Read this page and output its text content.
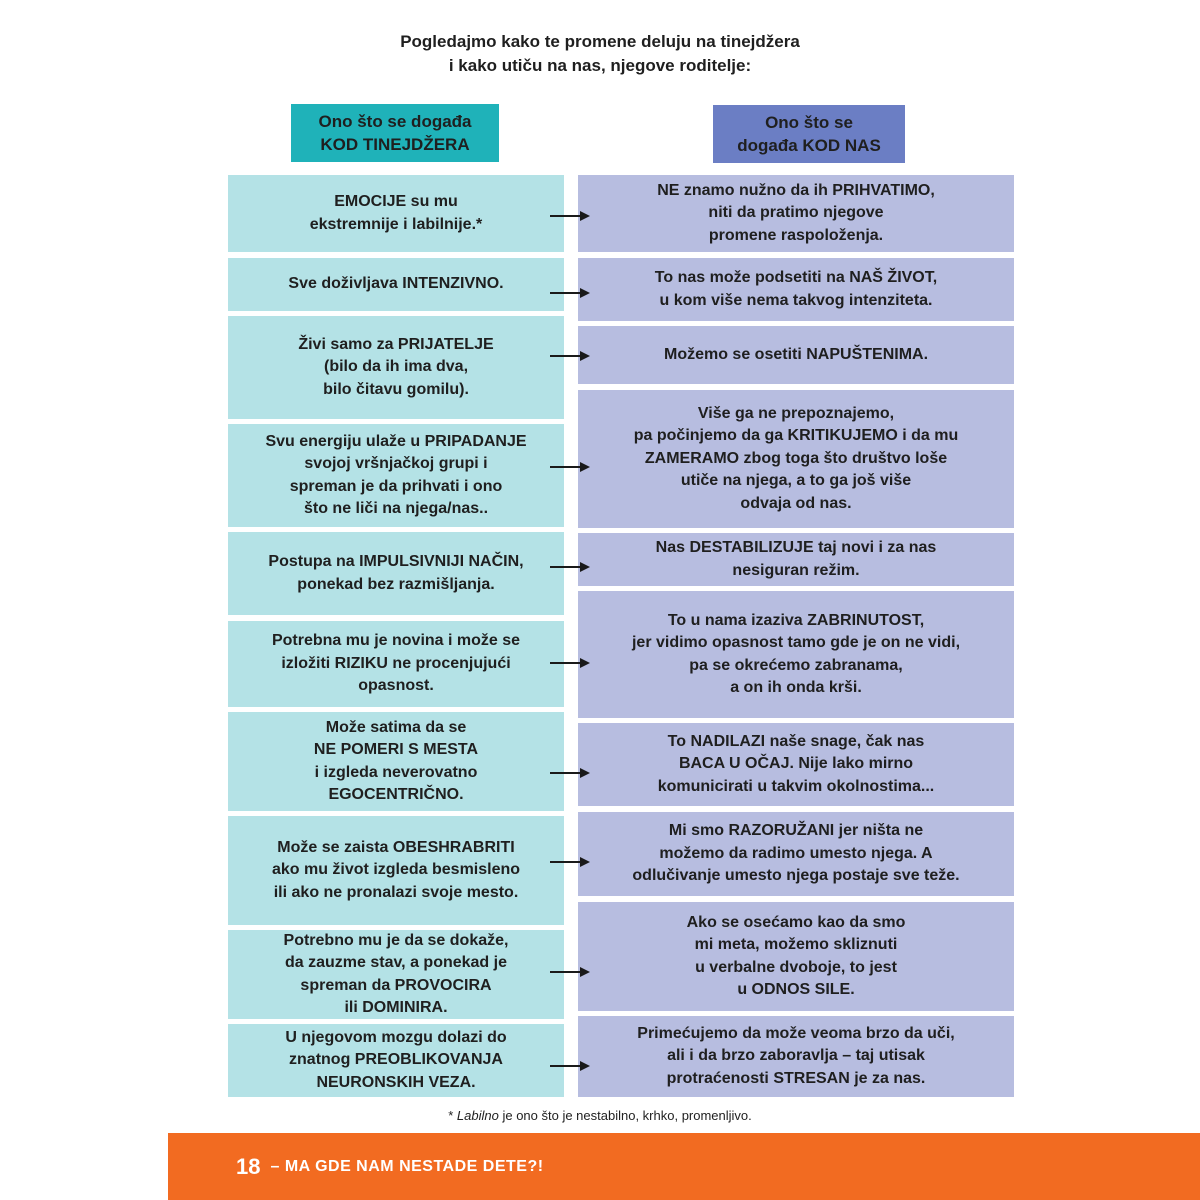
Pogledajmo kako te promene deluju na tinejdžera
i kako utiču na nas, njegove roditelje:
Ono što se događa
KOD TINEJDŽERA
Ono što se
događa KOD NAS
EMOCIJE su mu
ekstremnije i labilnije.*
Sve doživljava INTENZIVNO.
Živi samo za PRIJATELJE
(bilo da ih ima dva,
bilo čitavu gomilu).
Svu energiju ulaže u PRIPADANJE
svojoj vršnjačkoj grupi i
spreman je da prihvati i ono
što ne liči na njega/nas..
Postupa na IMPULSIVNIJI NAČIN,
ponekad bez razmišljanja.
Potrebna mu je novina i može se
izložiti RIZIKU ne procenjujući
opasnost.
Može satima da se
NE POMERI S MESTA
i izgleda neverovatno
EGOCENTRIČNO.
Može se zaista OBESHRABRITI
ako mu život izgleda besmisleno
ili ako ne pronalazi svoje mesto.
Potrebno mu je da se dokaže,
da zauzme stav, a ponekad je
spreman da PROVOCIRA
ili DOMINIRA.
U njegovom mozgu dolazi do
znatnog PREOBLIKOVANJA
NEURONSKIH VEZA.
NE znamo nužno da ih PRIHVATIMO,
niti da pratimo njegove
promene raspoloženja.
To nas može podsetiti na NAŠ ŽIVOT,
u kom više nema takvog intenziteta.
Možemo se osetiti NAPUŠTENIMA.
Više ga ne prepoznajemo,
pa počinjemo da ga KRITIKUJEMO i da mu
ZAMERAMO zbog toga što društvo loše
utiče na njega, a to ga još više
odvaja od nas.
Nas DESTABILIZUJE taj novi i za nas
nesiguran režim.
To u nama izaziva ZABRINUTOST,
jer vidimo opasnost tamo gde je on ne vidi,
pa se okrećemo zabranama,
a on ih onda krši.
To NADILAZI naše snage, čak nas
BACA U OČAJ. Nije lako mirno
komunicirati u takvim okolnostima...
Mi smo RAZORUŽANI jer ništa ne
možemo da radimo umesto njega. A
odlučivanje umesto njega postaje sve teže.
Ako se osećamo kao da smo
mi meta, možemo skliznuti
u verbalne dvoboje, to jest
u ODNOS SILE.
Primećujemo da može veoma brzo da uči,
ali i da brzo zaboravlja – taj utisak
protraćenosti STRESAN je za nas.
* Labilno je ono što je nestabilno, krhko, promenljivo.
18 – MA GDE NAM NESTADE DETE?!
